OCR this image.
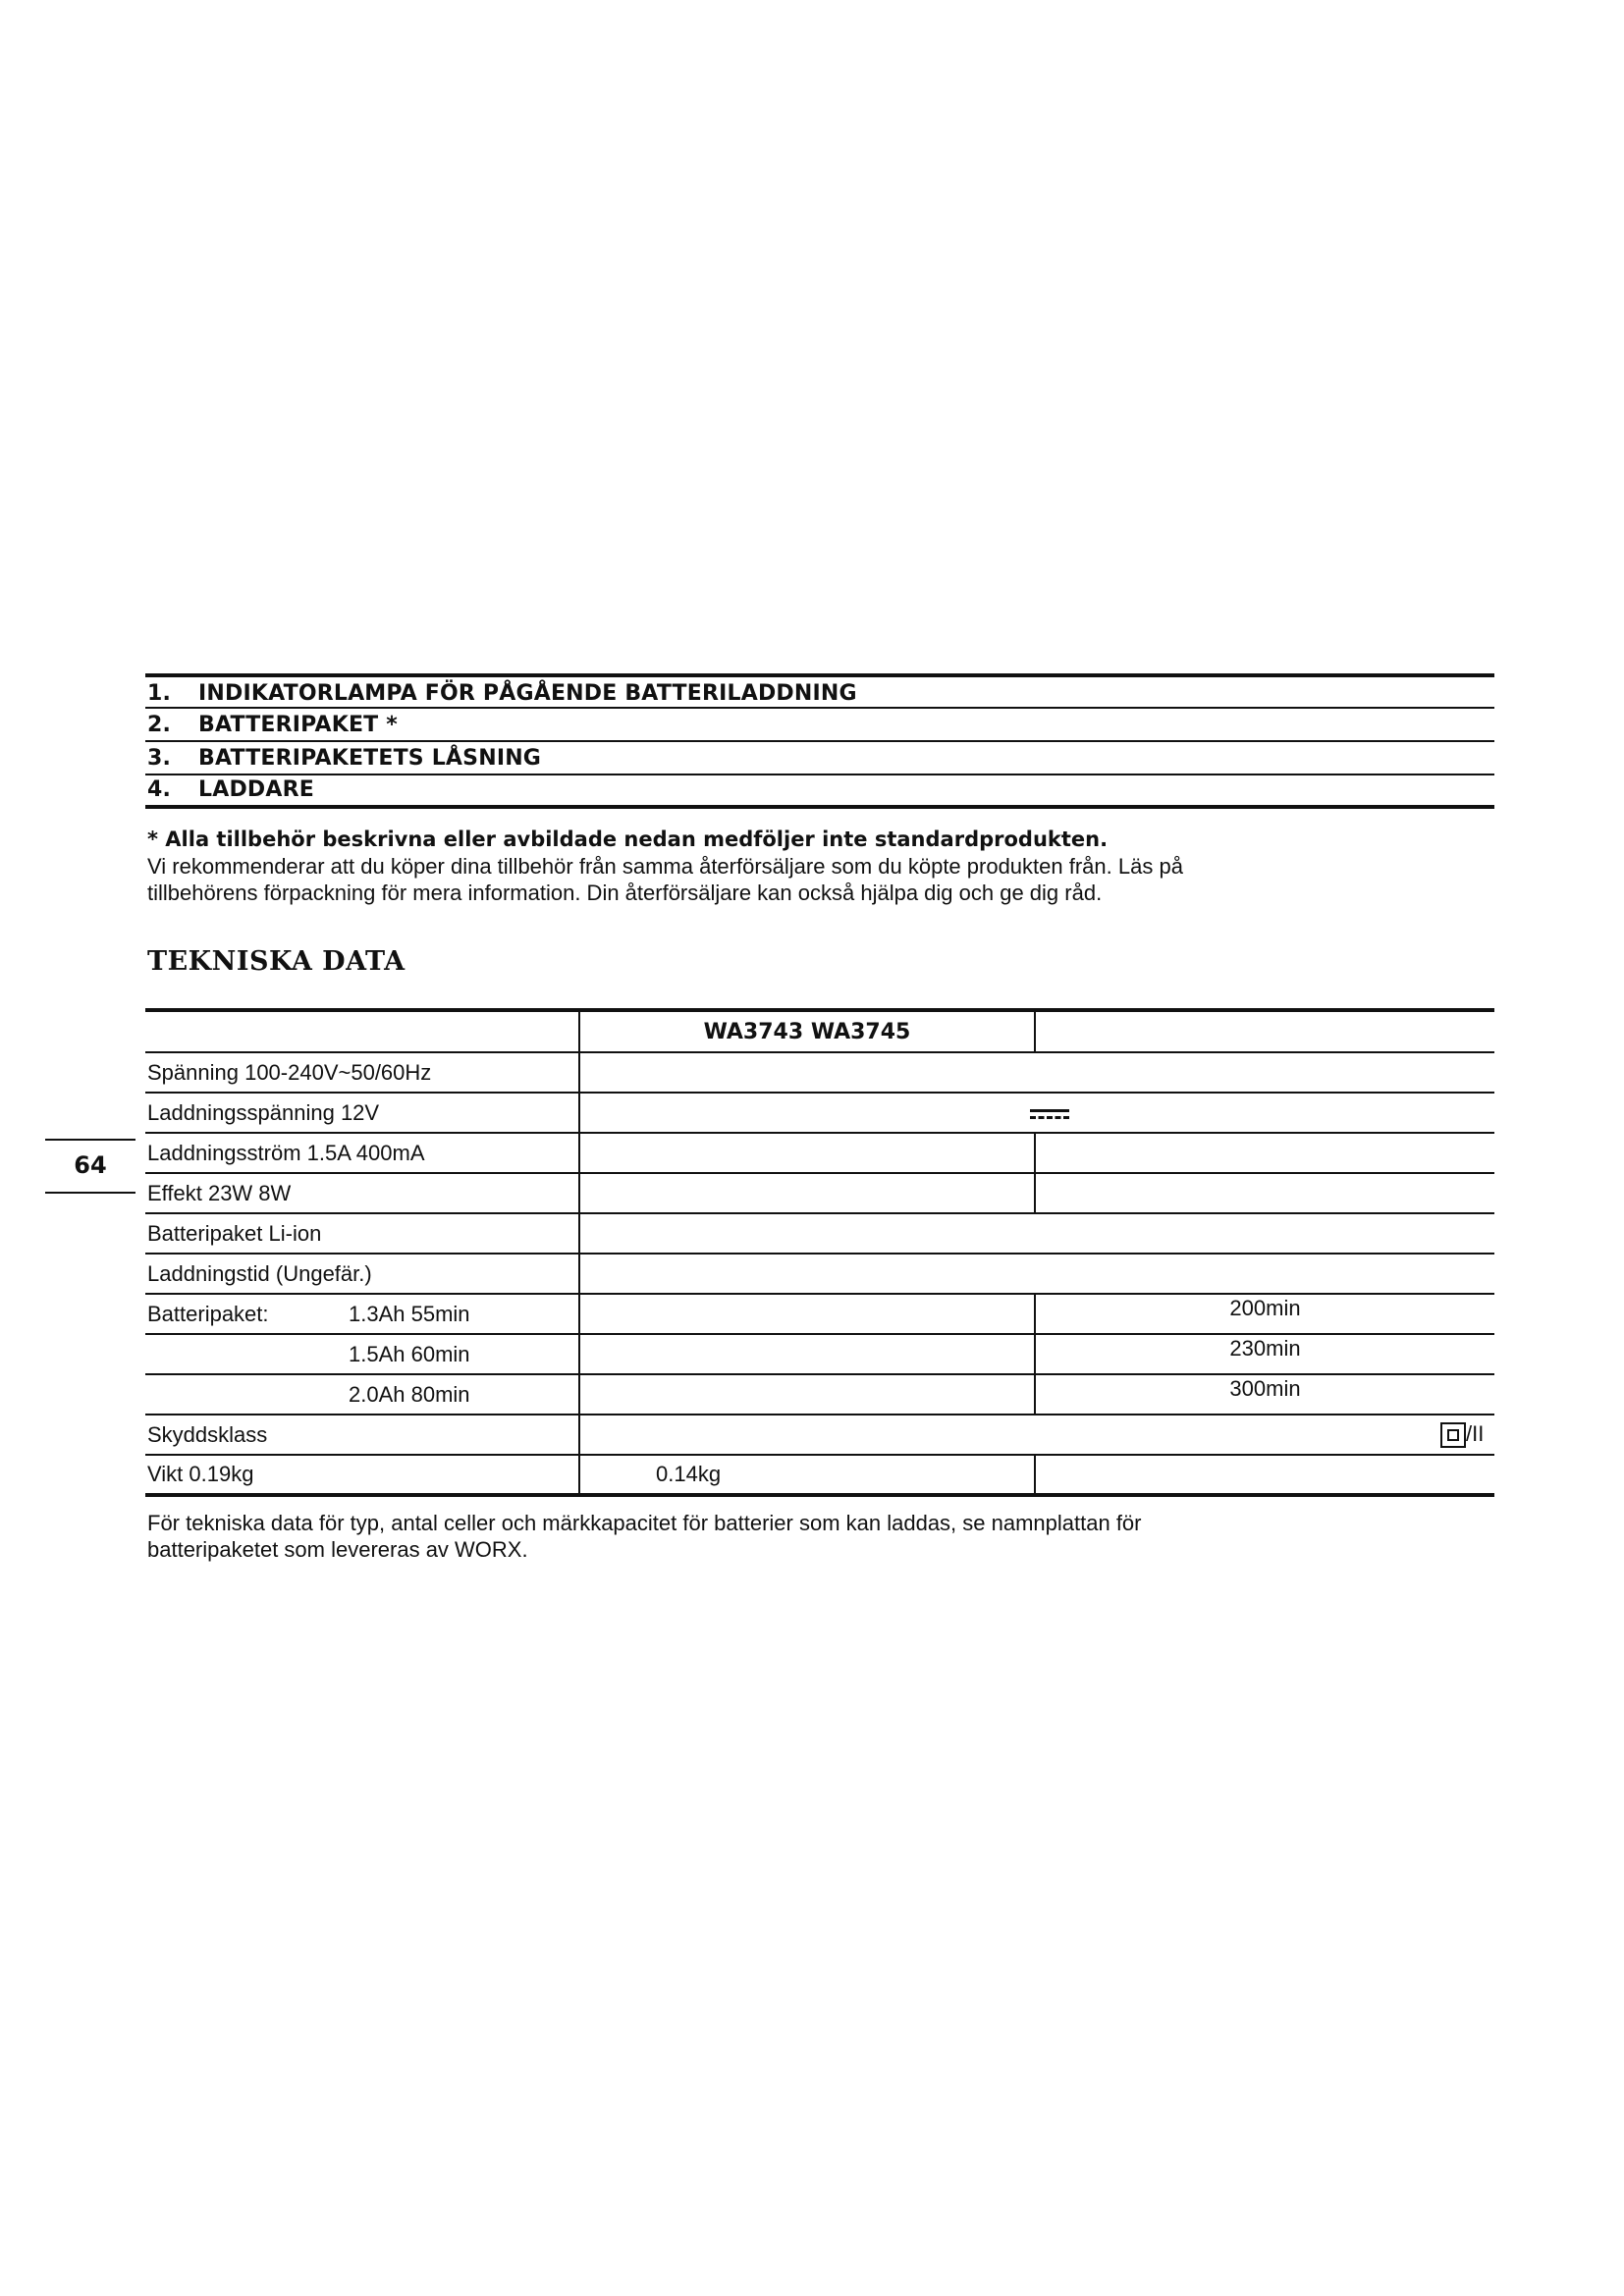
1. INDIKATORLAMPA FÖR PÅGÅENDE BATTERILADDNING
2. BATTERIPAKET *
3. BATTERIPAKETETS LÅSNING
4. LADDARE
* Alla tillbehör beskrivna eller avbildade nedan medföljer inte standardprodukten.
Vi rekommenderar att du köper dina tillbehör från samma återförsäljare som du köpte produkten från. Läs på
tillbehörens förpackning för mera information. Din återförsäljare kan också hjälpa dig och ge dig råd.
TEKNISKA DATA
	WA3743 WA3745	
Spänning 100-240V~50/60Hz		
Laddningsspänning 12V		

Laddningsström 1.5A 400mA		
Effekt 23W 8W		
Batteripaket Li-ion		
Laddningstid (Ungefär.)		
Batteripaket: 1.3Ah 55min		200min
1.5Ah 60min		230min
2.0Ah 80min		300min
Skyddsklass	/II	
Vikt 0.19kg	0.14kg	
För tekniska data för typ, antal celler och märkkapacitet för batterier som kan laddas, se namnplattan för
batteripaketet som levereras av WORX.
64
